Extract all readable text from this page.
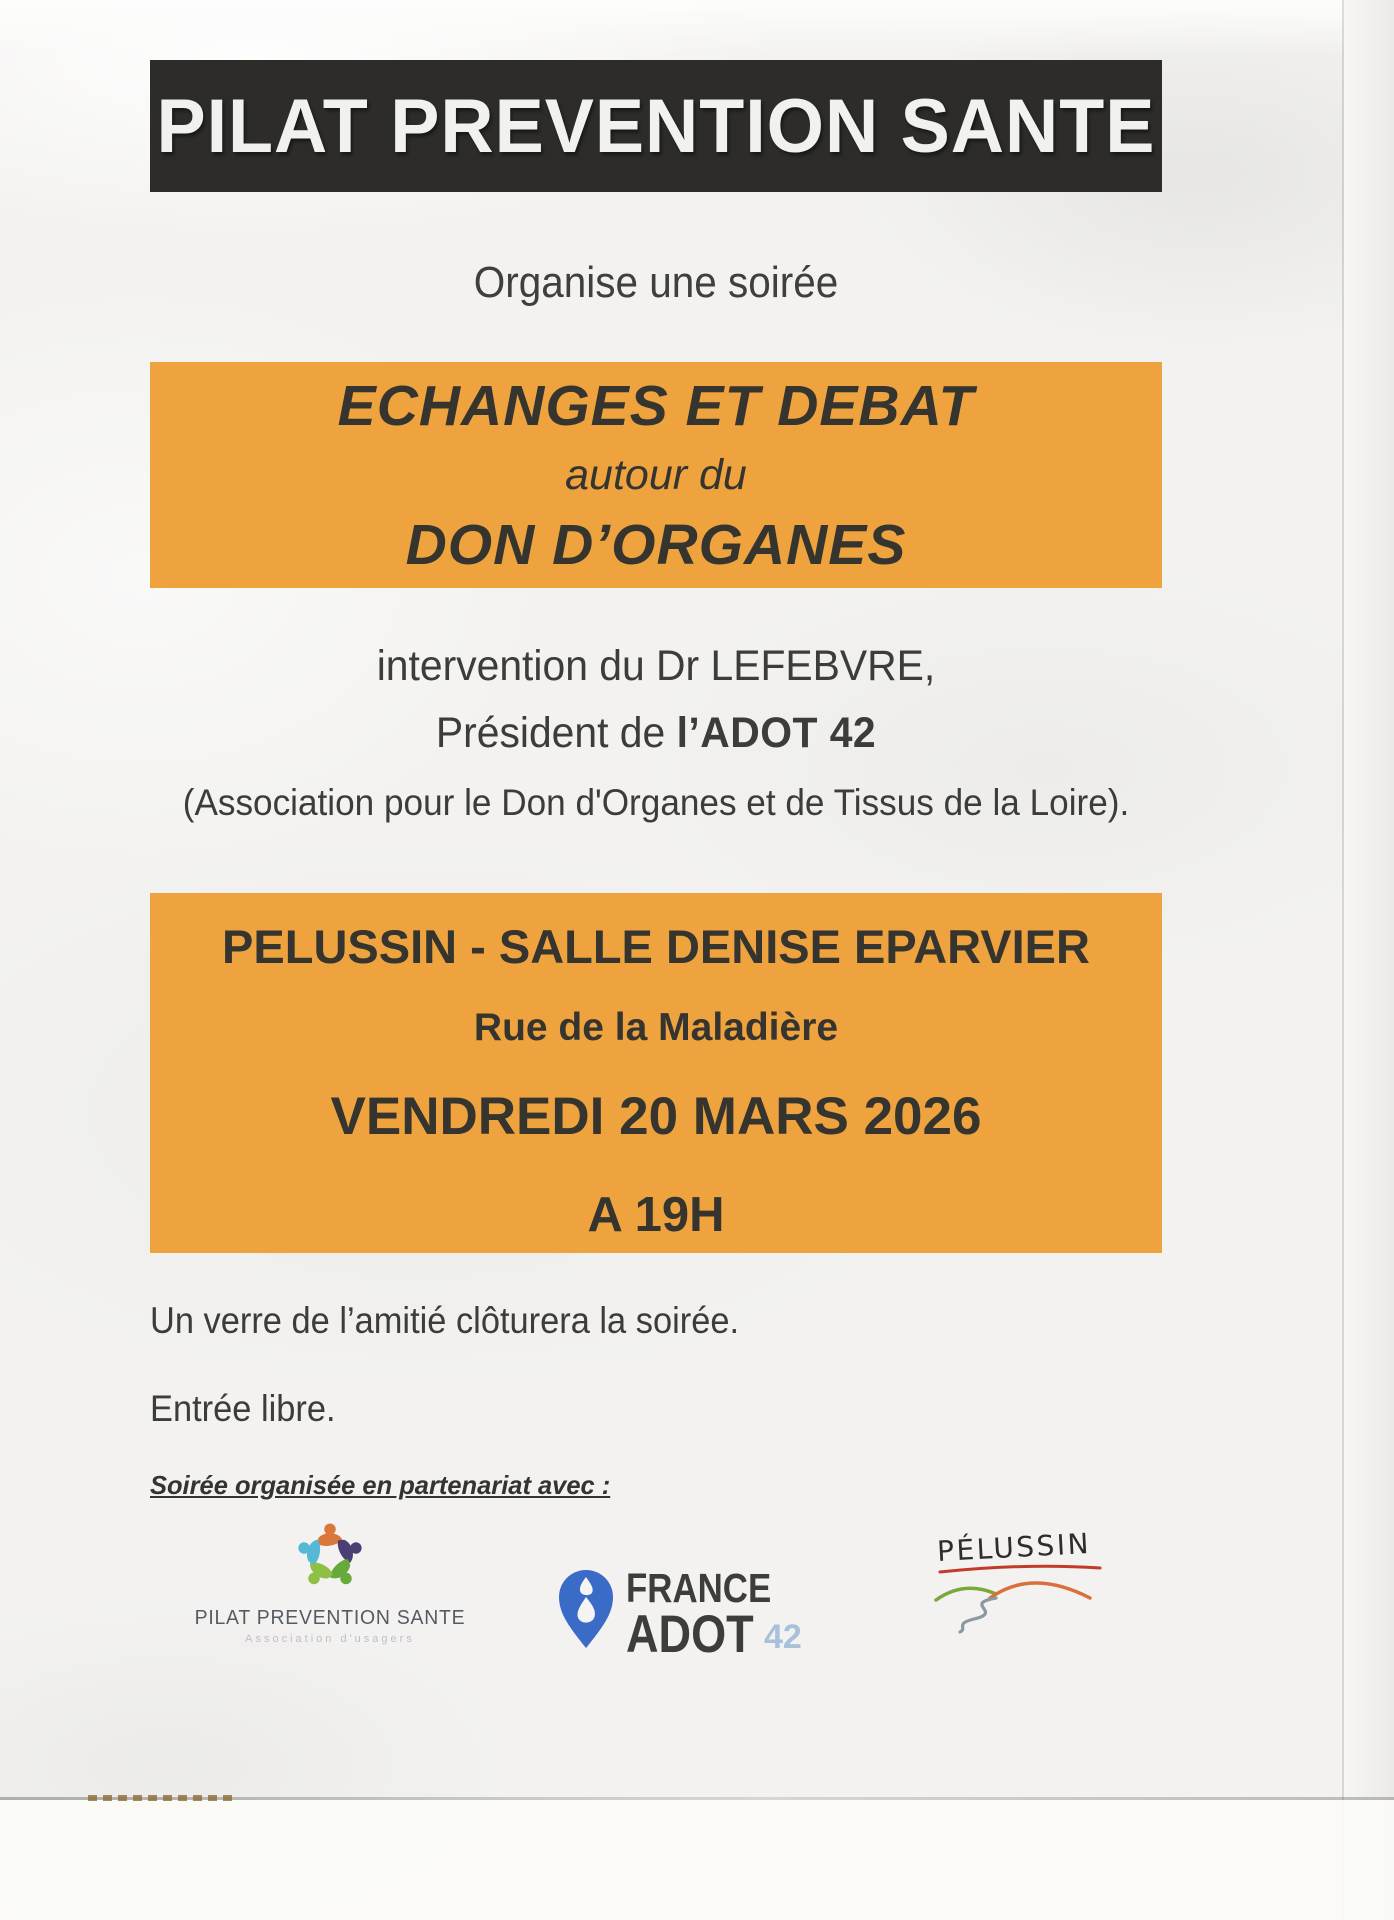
PILAT PREVENTION SANTE
Organise une soirée
ECHANGES ET DEBAT
autour du
DON D’ORGANES
intervention du Dr LEFEBVRE,
Président de l’ADOT 42
(Association pour le Don d'Organes et de Tissus de la Loire).
PELUSSIN - SALLE DENISE EPARVIER
Rue de la Maladière
VENDREDI 20 MARS 2026
A 19H
Un verre de l’amitié clôturera la soirée.
Entrée libre.
Soirée organisée en partenariat avec :
PILAT PREVENTION SANTE
Association d'usagers
FRANCE
ADOT 42
PÉLUSSIN
